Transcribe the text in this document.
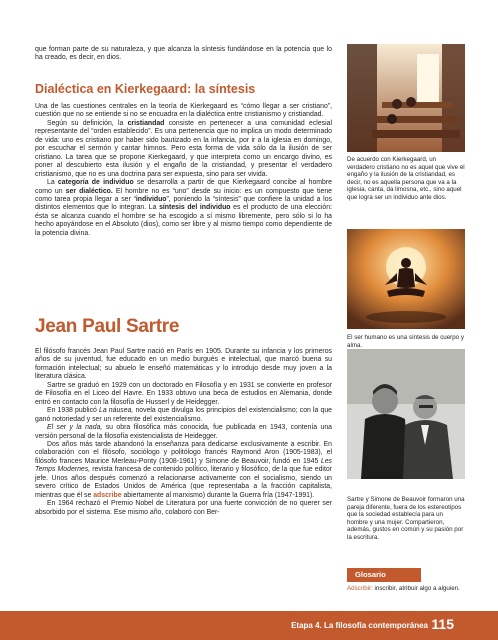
que forman parte de su naturaleza, y que alcanza la síntesis fundándose en la potencia que lo ha creado, es decir, en dios.

Dialéctica en Kierkegaard: la síntesis

Una de las cuestiones centrales en la teoría de Kierkegaard es “cómo llegar a ser cristiano”, cuestión que no se entiende si no se encuadra en la dialéctica entre cristianismo y cristiandad.

Según su definición, la cristiandad consiste en pertenecer a una comunidad eclesial representante del “orden establecido”. Es una pertenencia que no implica un modo determinado de vida: uno es cristiano por haber sido bautizado en la infancia, por ir a la iglesia en domingo, por escuchar el sermón y cantar himnos. Pero esta forma de vida sólo da la ilusión de ser cristiano. La tarea que se propone Kierkegaard, y que interpreta como un encargo divino, es poner al descubierto esta ilusión y el engaño de la cristiandad, y presentar el verdadero cristianismo, que no es una doctrina para ser expuesta, sino para ser vivida.

La categoría de individuo se desarrolla a partir de que Kierkegaard concibe al hombre como un ser dialéctico. El hombre no es “uno” desde su inicio: es un compuesto que tiene como tarea propia llegar a ser “individuo”, poniendo la “síntesis” que confiere la unidad a los distintos elementos que lo integran. La síntesis del individuo es el producto de una elección: ésta se alcanza cuando el hombre se ha escogido a sí mismo libremente, pero sólo si lo ha hecho apoyándose en el Absoluto (dios), como ser libre y al mismo tiempo como dependiente de la potencia divina.

De acuerdo con Kierkegaard, un verdadero cristiano no es aquel que vive el engaño y la ilusión de la cristiandad, es decir, no es aquella persona que va a la iglesia, canta, da limosna, etc., sino aquel que logra ser un individuo ante dios.

El ser humano es una síntesis de cuerpo y alma.

Jean Paul Sartre

El filósofo francés Jean Paul Sartre nació en París en 1905. Durante su infancia y los primeros años de su juventud, fue educado en un medio burgués e intelectual, que marcó buena su formación intelectual; su abuelo le enseñó matemáticas y lo introdujo desde muy joven a la literatura clásica.

Sartre se graduó en 1929 con un doctorado en Filosofía y en 1931 se convierte en profesor de Filosofía en el Liceo del Havre. En 1933 obtuvo una beca de estudios en Alemania, donde entró en contacto con la filosofía de Husserl y de Heidegger.

En 1938 publicó La náusea, novela que divulga los principios del existencialismo; con la que ganó notoriedad y ser un referente del existencialismo.

El ser y la nada, su obra filosófica más conocida, fue publicada en 1943, contenía una versión personal de la filosofía existencialista de Heidegger.

Dos años más tarde abandonó la enseñanza para dedicarse exclusivamente a escribir. En colaboración con el filósofo, sociólogo y politólogo francés Raymond Aron (1905-1983), el filósofo frances Maurice Merleau-Ponty (1908-1961) y Simone de Beauvoir, fundó en 1945 Les Temps Modernes, revista francesa de contenido político, literario y filosófico, de la que fue editor jefe. Unos años después comenzó a relacionarse activamente con el socialismo, siendo un severo crítico de Estados Unidos de América (que representaba a la fracción capitalista, mientras que él se adscribe abiertamente al marxismo) durante la Guerra fría (1947-1991).

En 1964 rechazó el Premio Nobel de Literatura por una fuerte convicción de no querer ser absorbido por el sistema. Ese mismo año, colaboró con Ber-

Sartre y Simone de Beauvoir formaron una pareja diferente, fuera de los estereotipos que la sociedad establecía para un hombre y una mujer. Compartieron, además, gustos en común y su pasión por la escritura.

Glosario
Adscribir: inscribir, atribuir algo a alguien.
Etapa 4. La filosofía contemporánea 115
